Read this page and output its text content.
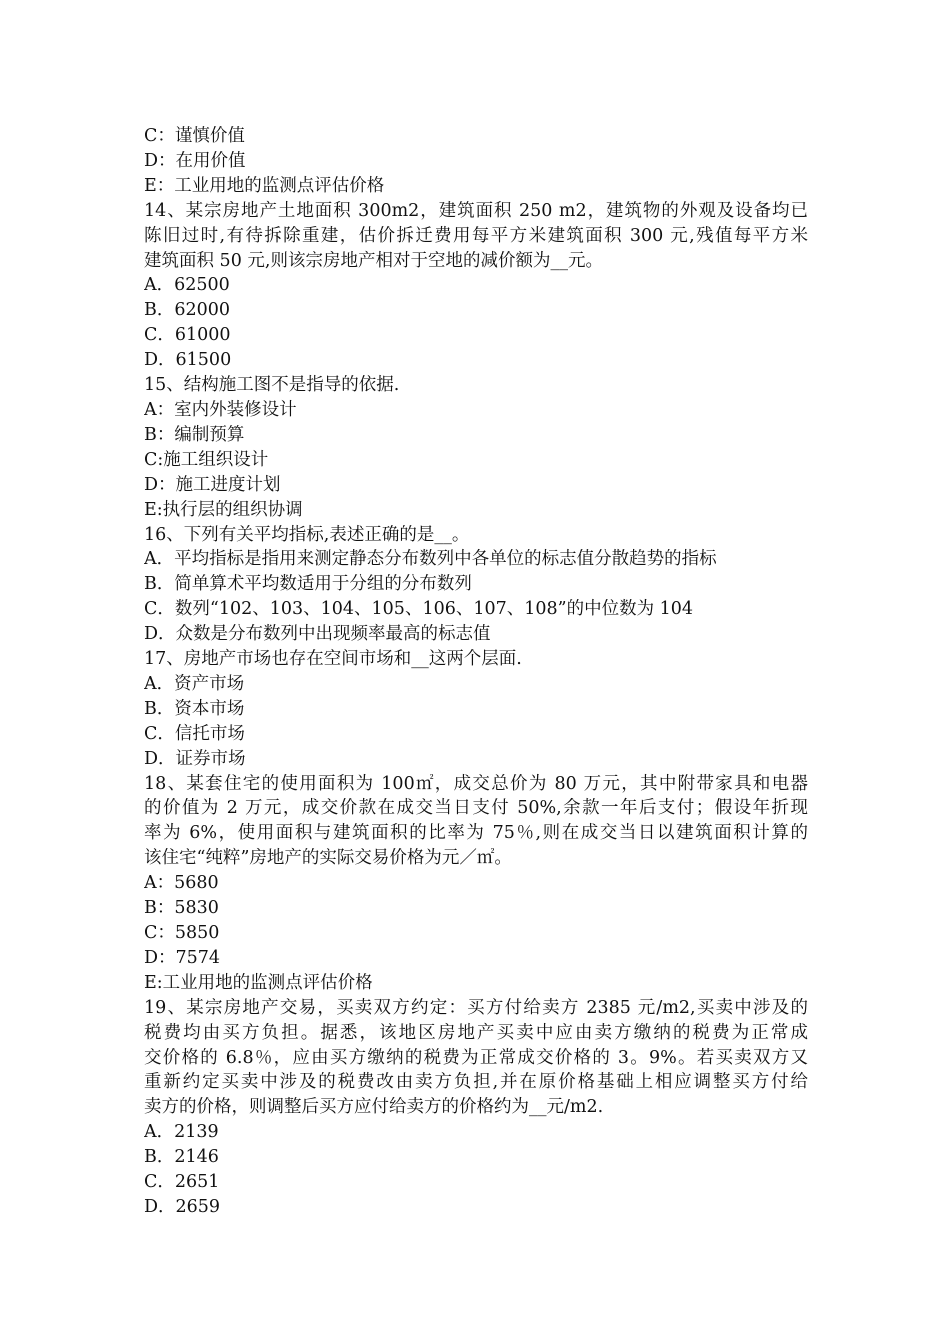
C：谨慎价值
D：在用价值
E：工业用地的监测点评估价格
14、某宗房地产土地面积 300m2，建筑面积 250 m2，建筑物的外观及设备均已
陈旧过时,有待拆除重建，估价拆迁费用每平方米建筑面积 300 元,残值每平方米
建筑面积 50 元,则该宗房地产相对于空地的减价额为__元。
A．62500
B．62000
C．61000
D．61500
15、结构施工图不是指导的依据.
A：室内外装修设计
B：编制预算
C:施工组织设计
D：施工进度计划
E:执行层的组织协调
16、下列有关平均指标,表述正确的是__。
A．平均指标是指用来测定静态分布数列中各单位的标志值分散趋势的指标
B．简单算术平均数适用于分组的分布数列
C．数列“102、103、104、105、106、107、108”的中位数为 104
D．众数是分布数列中出现频率最高的标志值
17、房地产市场也存在空间市场和__这两个层面.
A．资产市场
B．资本市场
C．信托市场
D．证券市场
18、某套住宅的使用面积为 100㎡，成交总价为 80 万元，其中附带家具和电器
的价值为 2 万元，成交价款在成交当日支付 50%,余款一年后支付；假设年折现
率为 6%，使用面积与建筑面积的比率为 75％,则在成交当日以建筑面积计算的
该住宅“纯粹”房地产的实际交易价格为元／㎡。
A：5680
B：5830
C：5850
D：7574
E:工业用地的监测点评估价格
19、某宗房地产交易，买卖双方约定：买方付给卖方 2385 元/m2,买卖中涉及的
税费均由买方负担。据悉，该地区房地产买卖中应由卖方缴纳的税费为正常成
交价格的 6.8％，应由买方缴纳的税费为正常成交价格的 3。9%。若买卖双方又
重新约定买卖中涉及的税费改由卖方负担,并在原价格基础上相应调整买方付给
卖方的价格，则调整后买方应付给卖方的价格约为__元/m2.
A．2139
B．2146
C．2651
D．2659
